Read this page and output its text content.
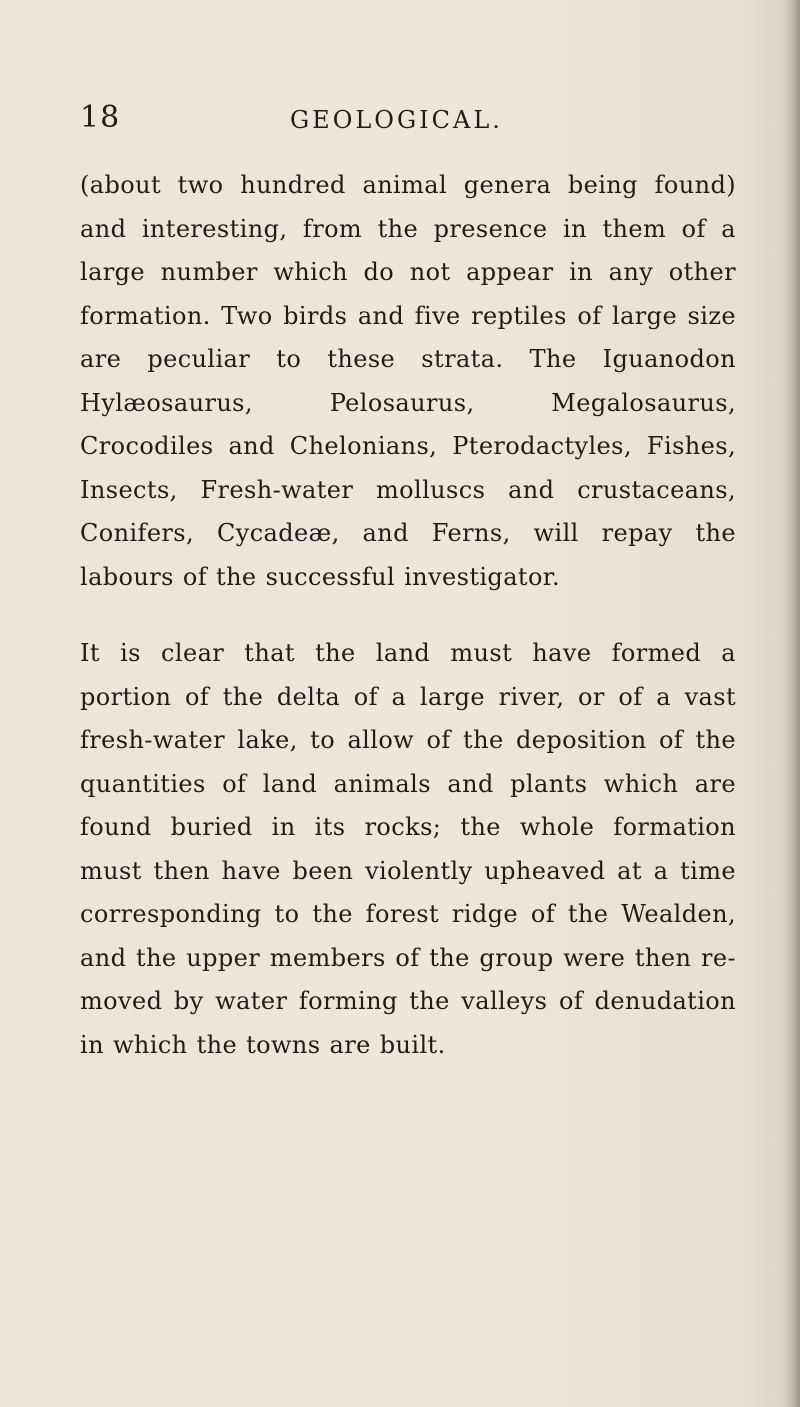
18	GEOLOGICAL.

(about two hundred animal genera being found) and interesting, from the presence in them of a large number which do not appear in any other formation. Two birds and five reptiles of large size are peculiar to these strata. The Iguanodon Hylæosaurus, Pelosaurus, Megalosaurus, Crocodiles and Chelonians, Pterodactyles, Fishes, Insects, Fresh-water molluscs and crustaceans, Conifers, Cycadeæ, and Ferns, will repay the labours of the successful investigator.

It is clear that the land must have formed a portion of the delta of a large river, or of a vast fresh-water lake, to allow of the deposition of the quantities of land animals and plants which are found buried in its rocks; the whole formation must then have been violently upheaved at a time corresponding to the forest ridge of the Wealden, and the upper members of the group were then re-moved by water forming the valleys of denudation in which the towns are built.
